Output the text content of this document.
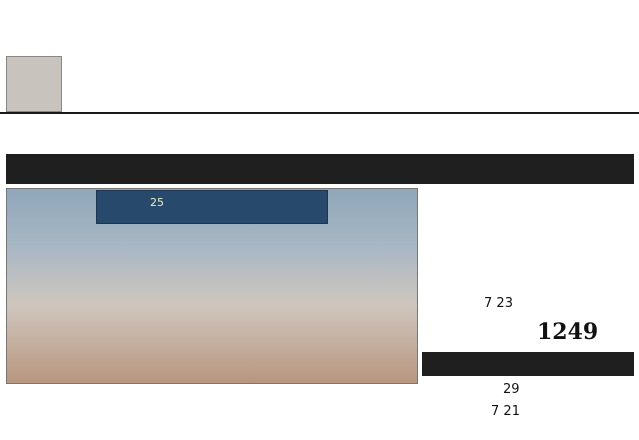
25
7 23
1249
29
7 21
